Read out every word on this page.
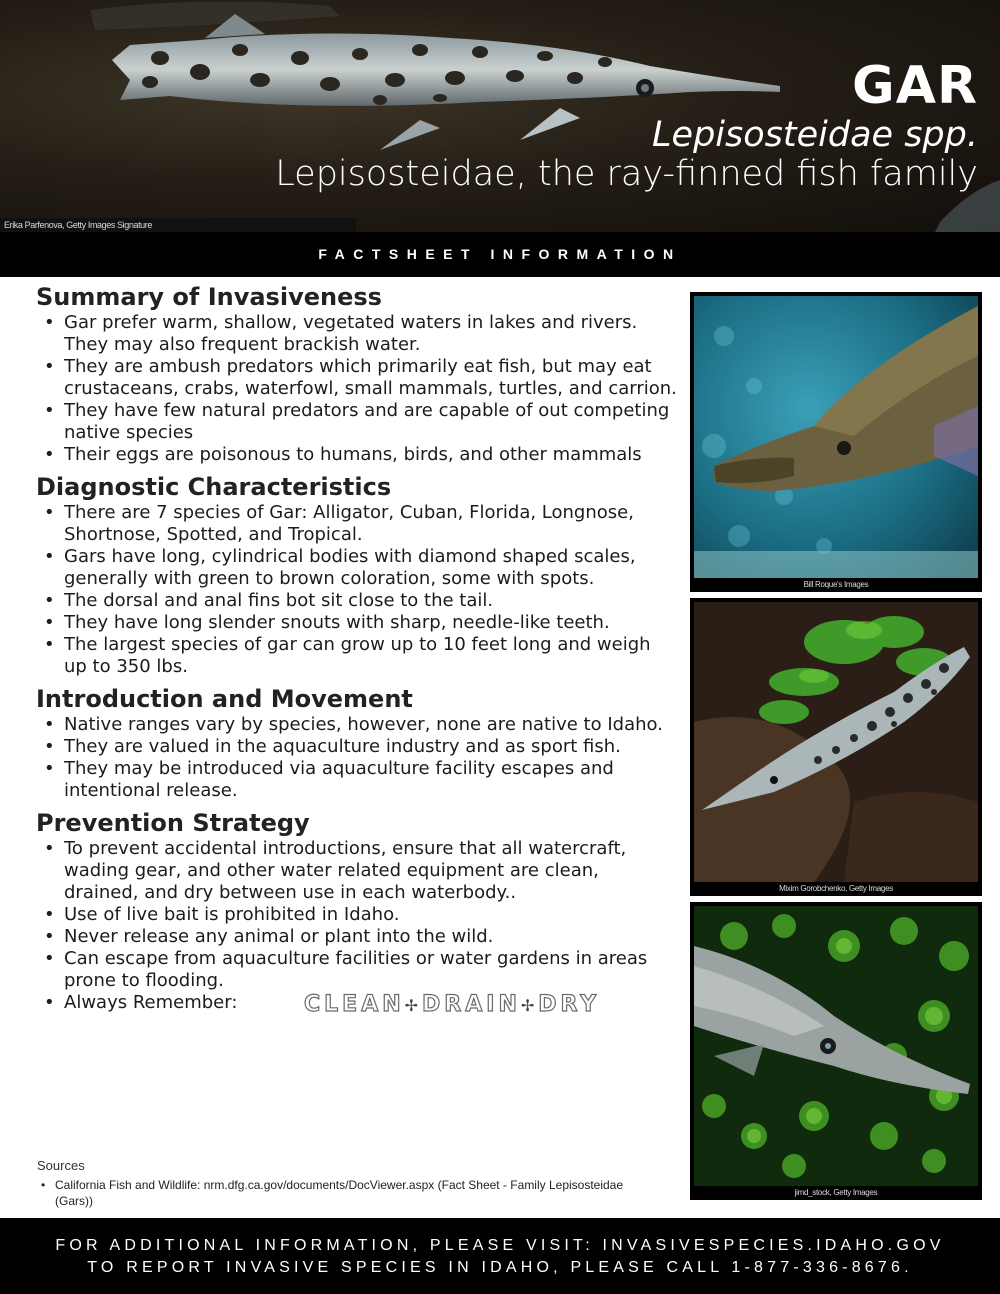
GAR
Lepisosteidae spp.
Lepisosteidae, the ray-finned fish family
Erika Parfenova, Getty Images Signature
FACTSHEET INFORMATION
Summary of Invasiveness
• Gar prefer warm, shallow, vegetated waters in lakes and rivers. They may also frequent brackish water.
• They are ambush predators which primarily eat fish, but may eat crustaceans, crabs, waterfowl, small mammals, turtles, and carrion.
• They have few natural predators and are capable of out competing native species
• Their eggs are poisonous to humans, birds, and other mammals
Diagnostic Characteristics
• There are 7 species of Gar: Alligator, Cuban, Florida, Longnose, Shortnose, Spotted, and Tropical.
• Gars have long, cylindrical bodies with diamond shaped scales, generally with green to brown coloration, some with spots.
• The dorsal and anal fins bot sit close to the tail.
• They have long slender snouts with sharp, needle-like teeth.
• The largest species of gar can grow up to 10 feet long and weigh up to 350 lbs.
Introduction and Movement
• Native ranges vary by species, however, none are native to Idaho.
• They are valued in the aquaculture industry and as sport fish.
• They may be introduced via aquaculture facility escapes and intentional release.
Prevention Strategy
• To prevent accidental introductions, ensure that all watercraft, wading gear, and other water related equipment are clean, drained, and dry between use in each waterbody..
• Use of live bait is prohibited in Idaho.
• Never release any animal or plant into the wild.
• Can escape from aquaculture facilities or water gardens in areas prone to flooding.
• Always Remember:	CLEAN✢ DRAIN✢ DRY
Sources
• California Fish and Wildlife: nrm.dfg.ca.gov/documents/DocViewer.aspx (Fact Sheet - Family Lepisosteidae (Gars))
Bill Roque's Images
Mixim Gorobchenko, Getty Images
jimd_stock, Getty Images
FOR ADDITIONAL INFORMATION, PLEASE VISIT: INVASIVESPECIES.IDAHO.GOV
TO REPORT INVASIVE SPECIES IN IDAHO, PLEASE CALL 1-877-336-8676.
